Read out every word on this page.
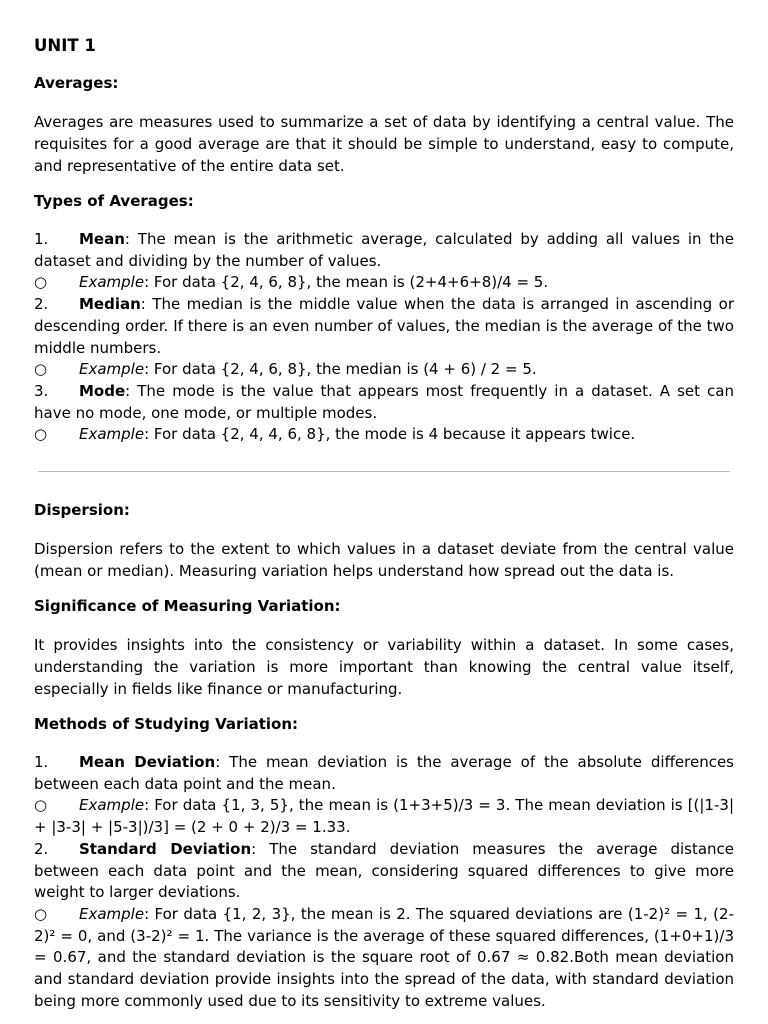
UNIT 1
Averages:

Averages are measures used to summarize a set of data by identifying a central value. The requisites for a good average are that it should be simple to understand, easy to compute, and representative of the entire data set.

Types of Averages:
1. Mean: The mean is the arithmetic average, calculated by adding all values in the dataset and dividing by the number of values.
○ Example: For data {2, 4, 6, 8}, the mean is (2+4+6+8)/4 = 5.
2. Median: The median is the middle value when the data is arranged in ascending or descending order. If there is an even number of values, the median is the average of the two middle numbers.
○ Example: For data {2, 4, 6, 8}, the median is (4 + 6) / 2 = 5.
3. Mode: The mode is the value that appears most frequently in a dataset. A set can have no mode, one mode, or multiple modes.
○ Example: For data {2, 4, 4, 6, 8}, the mode is 4 because it appears twice.
Dispersion:

Dispersion refers to the extent to which values in a dataset deviate from the central value (mean or median). Measuring variation helps understand how spread out the data is.

Significance of Measuring Variation:

It provides insights into the consistency or variability within a dataset. In some cases, understanding the variation is more important than knowing the central value itself, especially in fields like finance or manufacturing.

Methods of Studying Variation:
1. Mean Deviation: The mean deviation is the average of the absolute differences between each data point and the mean.
○ Example: For data {1, 3, 5}, the mean is (1+3+5)/3 = 3. The mean deviation is [(|1-3| + |3-3| + |5-3|)/3] = (2 + 0 + 2)/3 = 1.33.
2. Standard Deviation: The standard deviation measures the average distance between each data point and the mean, considering squared differences to give more weight to larger deviations.
○ Example: For data {1, 2, 3}, the mean is 2. The squared deviations are (1-2)² = 1, (2-2)² = 0, and (3-2)² = 1. The variance is the average of these squared differences, (1+0+1)/3 = 0.67, and the standard deviation is the square root of 0.67 ≈ 0.82.Both mean deviation and standard deviation provide insights into the spread of the data, with standard deviation being more commonly used due to its sensitivity to extreme values.
